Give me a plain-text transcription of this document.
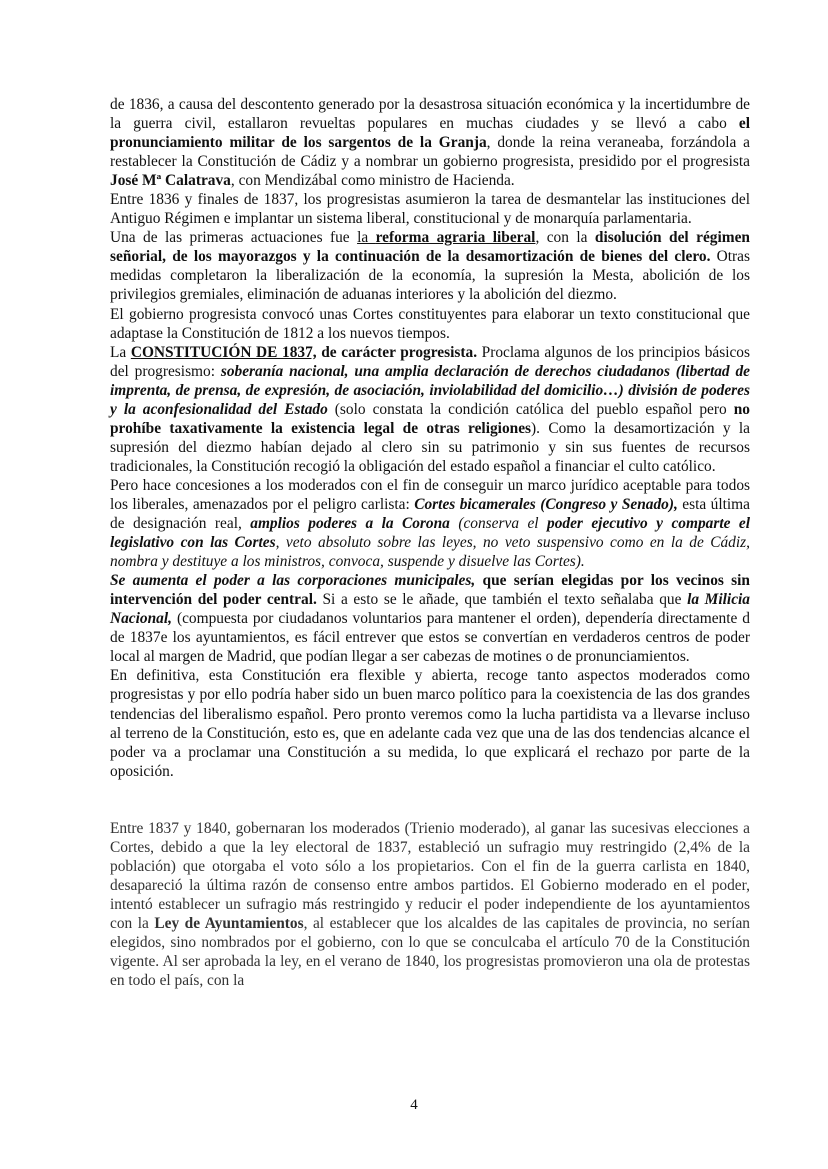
de 1836, a causa del descontento generado por la desastrosa situación económica y la incertidumbre de la guerra civil, estallaron revueltas populares en muchas ciudades y se llevó a cabo el pronunciamiento militar de los sargentos de la Granja, donde la reina veraneaba, forzándola a restablecer la Constitución de Cádiz y a nombrar un gobierno progresista, presidido por el progresista José Mª Calatrava, con Mendizábal como ministro de Hacienda.

Entre 1836 y finales de 1837, los progresistas asumieron la tarea de desmantelar las instituciones del Antiguo Régimen e implantar un sistema liberal, constitucional y de monarquía parlamentaria.

Una de las primeras actuaciones fue la reforma agraria liberal, con la disolución del régimen señorial, de los mayorazgos y la continuación de la desamortización de bienes del clero. Otras medidas completaron la liberalización de la economía, la supresión la Mesta, abolición de los privilegios gremiales, eliminación de aduanas interiores y la abolición del diezmo.

El gobierno progresista convocó unas Cortes constituyentes para elaborar un texto constitucional que adaptase la Constitución de 1812 a los nuevos tiempos.

La CONSTITUCIÓN DE 1837, de carácter progresista. Proclama algunos de los principios básicos del progresismo: soberanía nacional, una amplia declaración de derechos ciudadanos (libertad de imprenta, de prensa, de expresión, de asociación, inviolabilidad del domicilio…) división de poderes y la aconfesionalidad del Estado (solo constata la condición católica del pueblo español pero no prohíbe taxativamente la existencia legal de otras religiones). Como la desamortización y la supresión del diezmo habían dejado al clero sin su patrimonio y sin sus fuentes de recursos tradicionales, la Constitución recogió la obligación del estado español a financiar el culto católico.

Pero hace concesiones a los moderados con el fin de conseguir un marco jurídico aceptable para todos los liberales, amenazados por el peligro carlista: Cortes bicamerales (Congreso y Senado), esta última de designación real, amplios poderes a la Corona (conserva el poder ejecutivo y comparte el legislativo con las Cortes, veto absoluto sobre las leyes, no veto suspensivo como en la de Cádiz, nombra y destituye a los ministros, convoca, suspende y disuelve las Cortes).

Se aumenta el poder a las corporaciones municipales, que serían elegidas por los vecinos sin intervención del poder central. Si a esto se le añade, que también el texto señalaba que la Milicia Nacional, (compuesta por ciudadanos voluntarios para mantener el orden), dependería directamente d de 1837e los ayuntamientos, es fácil entrever que estos se convertían en verdaderos centros de poder local al margen de Madrid, que podían llegar a ser cabezas de motines o de pronunciamientos.

En definitiva, esta Constitución era flexible y abierta, recoge tanto aspectos moderados como progresistas y por ello podría haber sido un buen marco político para la coexistencia de las dos grandes tendencias del liberalismo español. Pero pronto veremos como la lucha partidista va a llevarse incluso al terreno de la Constitución, esto es, que en adelante cada vez que una de las dos tendencias alcance el poder va a proclamar una Constitución a su medida, lo que explicará el rechazo por parte de la oposición.

Entre 1837 y 1840, gobernaran los moderados (Trienio moderado), al ganar las sucesivas elecciones a Cortes, debido a que la ley electoral de 1837, estableció un sufragio muy restringido (2,4% de la población) que otorgaba el voto sólo a los propietarios. Con el fin de la guerra carlista en 1840, desapareció la última razón de consenso entre ambos partidos. El Gobierno moderado en el poder, intentó establecer un sufragio más restringido y reducir el poder independiente de los ayuntamientos con la Ley de Ayuntamientos, al establecer que los alcaldes de las capitales de provincia, no serían elegidos, sino nombrados por el gobierno, con lo que se conculcaba el artículo 70 de la Constitución vigente. Al ser aprobada la ley, en el verano de 1840, los progresistas promovieron una ola de protestas en todo el país, con la

4
